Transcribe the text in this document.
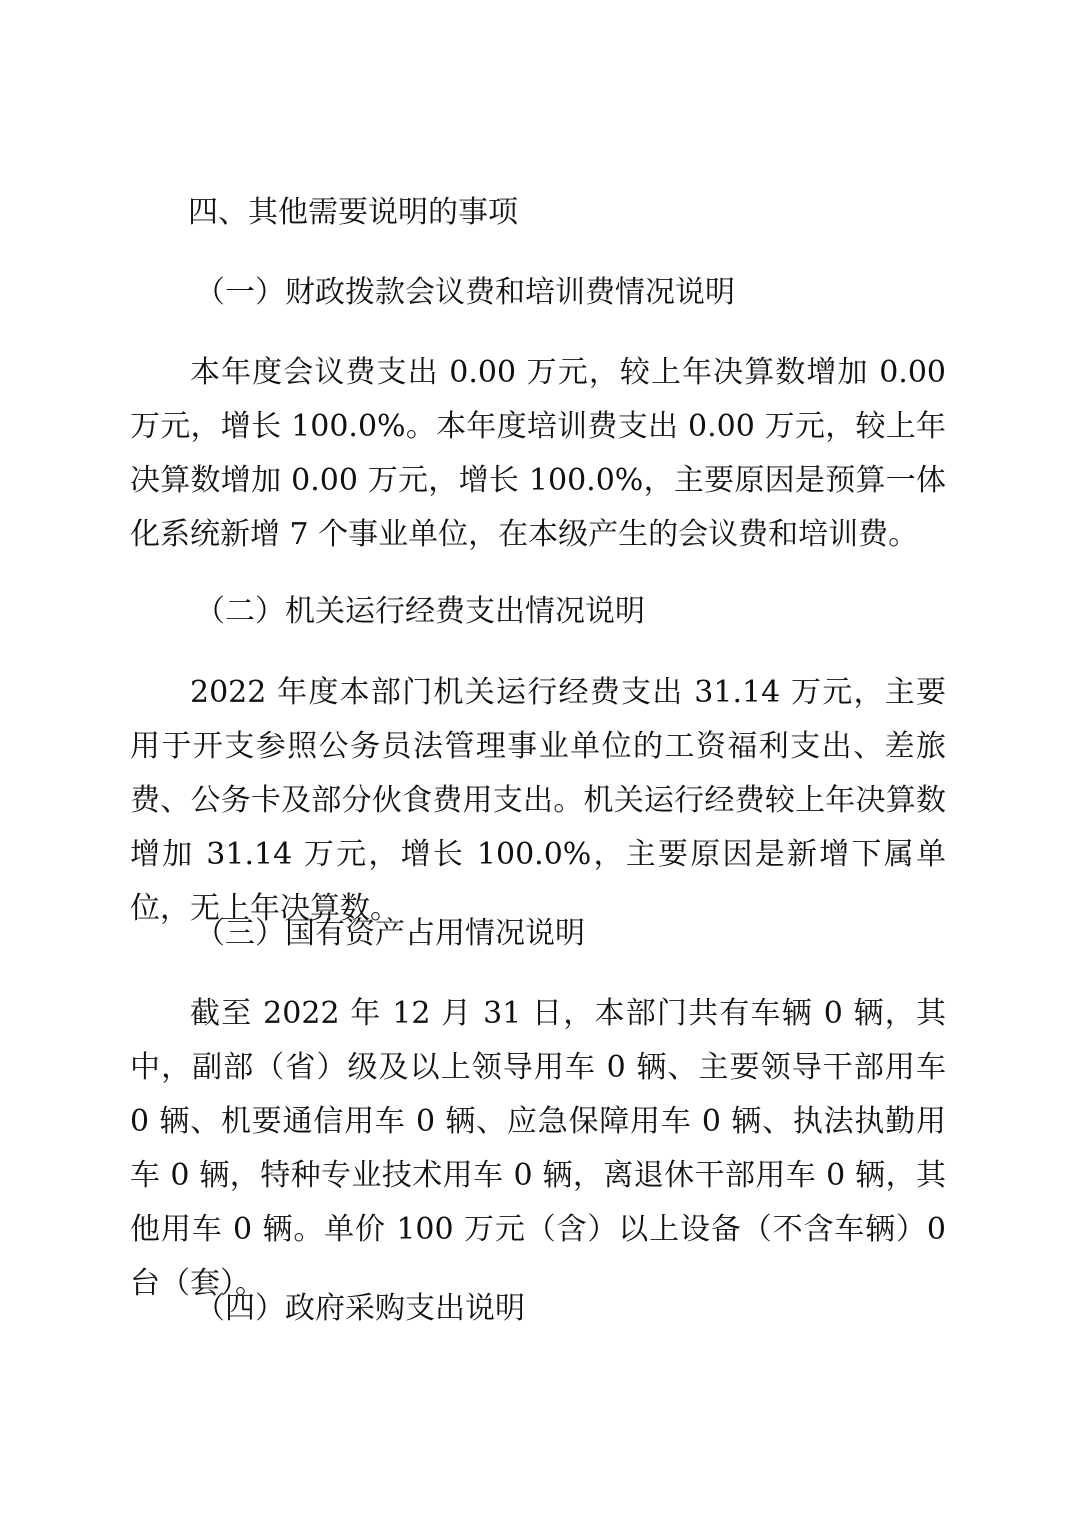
四、其他需要说明的事项
（一）财政拨款会议费和培训费情况说明

本年度会议费支出 0.00 万元，较上年决算数增加 0.00 万元，增长 100.0%。本年度培训费支出 0.00 万元，较上年决算数增加 0.00 万元，增长 100.0%，主要原因是预算一体化系统新增 7 个事业单位，在本级产生的会议费和培训费。

（二）机关运行经费支出情况说明

2022 年度本部门机关运行经费支出 31.14 万元，主要用于开支参照公务员法管理事业单位的工资福利支出、差旅费、公务卡及部分伙食费用支出。机关运行经费较上年决算数增加 31.14 万元，增长 100.0%，主要原因是新增下属单位，无上年决算数。

（三）国有资产占用情况说明

截至 2022 年 12 月 31 日，本部门共有车辆 0 辆，其中，副部（省）级及以上领导用车 0 辆、主要领导干部用车 0 辆、机要通信用车 0 辆、应急保障用车 0 辆、执法执勤用车 0 辆，特种专业技术用车 0 辆，离退休干部用车 0 辆，其他用车 0 辆。单价 100 万元（含）以上设备（不含车辆）0 台（套）。

（四）政府采购支出说明
